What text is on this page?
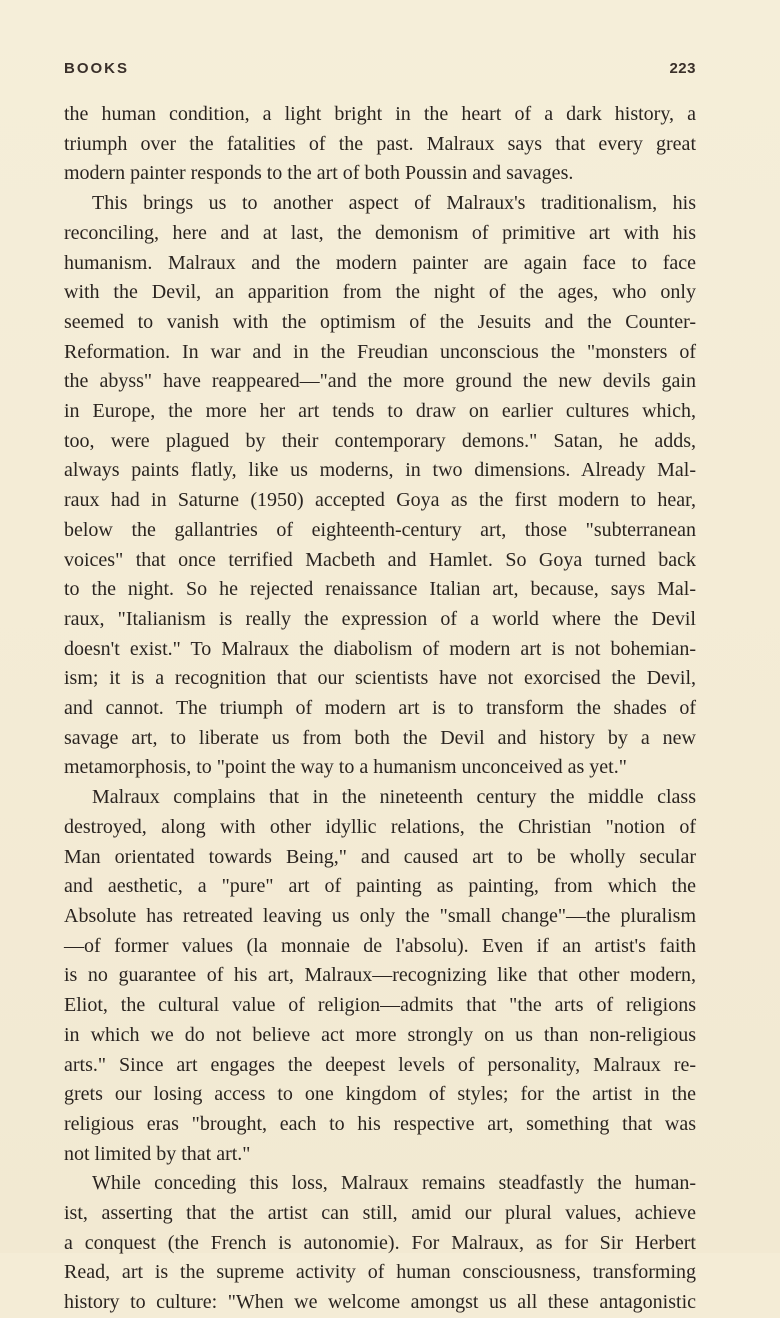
BOOKS	223
the human condition, a light bright in the heart of a dark history, a
triumph over the fatalities of the past. Malraux says that every great
modern painter responds to the art of both Poussin and savages.
This brings us to another aspect of Malraux's traditionalism, his
reconciling, here and at last, the demonism of primitive art with his
humanism. Malraux and the modern painter are again face to face
with the Devil, an apparition from the night of the ages, who only
seemed to vanish with the optimism of the Jesuits and the Counter-
Reformation. In war and in the Freudian unconscious the "monsters of
the abyss" have reappeared—"and the more ground the new devils gain
in Europe, the more her art tends to draw on earlier cultures which,
too, were plagued by their contemporary demons." Satan, he adds,
always paints flatly, like us moderns, in two dimensions. Already Mal-
raux had in Saturne (1950) accepted Goya as the first modern to hear,
below the gallantries of eighteenth-century art, those "subterranean
voices" that once terrified Macbeth and Hamlet. So Goya turned back
to the night. So he rejected renaissance Italian art, because, says Mal-
raux, "Italianism is really the expression of a world where the Devil
doesn't exist." To Malraux the diabolism of modern art is not bohemian-
ism; it is a recognition that our scientists have not exorcised the Devil,
and cannot. The triumph of modern art is to transform the shades of
savage art, to liberate us from both the Devil and history by a new
metamorphosis, to "point the way to a humanism unconceived as yet."
Malraux complains that in the nineteenth century the middle class
destroyed, along with other idyllic relations, the Christian "notion of
Man orientated towards Being," and caused art to be wholly secular
and aesthetic, a "pure" art of painting as painting, from which the
Absolute has retreated leaving us only the "small change"—the pluralism
—of former values (la monnaie de l'absolu). Even if an artist's faith
is no guarantee of his art, Malraux—recognizing like that other modern,
Eliot, the cultural value of religion—admits that "the arts of religions
in which we do not believe act more strongly on us than non-religious
arts." Since art engages the deepest levels of personality, Malraux re-
grets our losing access to one kingdom of styles; for the artist in the
religious eras "brought, each to his respective art, something that was
not limited by that art."
While conceding this loss, Malraux remains steadfastly the human-
ist, asserting that the artist can still, amid our plural values, achieve
a conquest (the French is autonomie). For Malraux, as for Sir Herbert
Read, art is the supreme activity of human consciousness, transforming
history to culture: "When we welcome amongst us all these antagonistic
